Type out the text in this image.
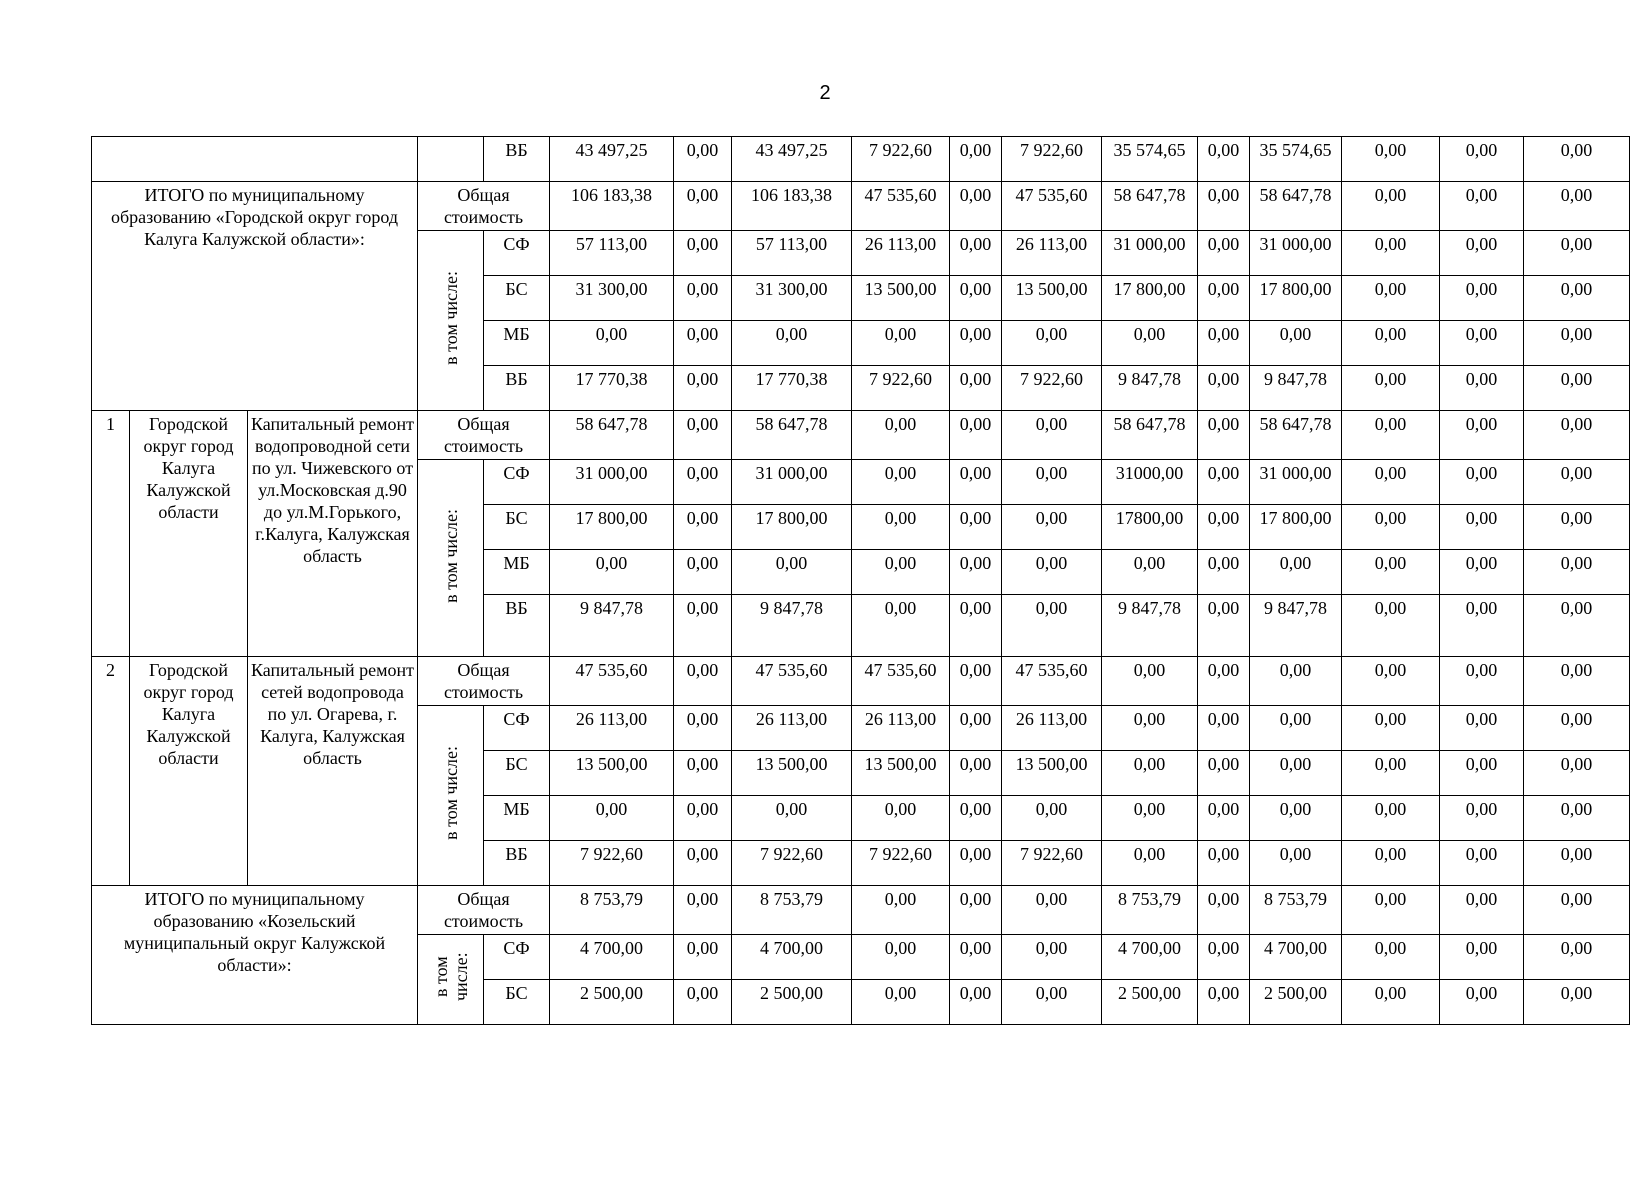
2
				ВБ	43 497,25	0,00	43 497,25	7 922,60	0,00	7 922,60	35 574,65	0,00	35 574,65	0,00	0,00	0,00
ИТОГО по муниципальному образованию «Городской округ город Калуга Калужской области»:			Общая стоимость		106 183,38	0,00	106 183,38	47 535,60	0,00	47 535,60	58 647,78	0,00	58 647,78	0,00	0,00	0,00
			в том числе:	СФ	57 113,00	0,00	57 113,00	26 113,00	0,00	26 113,00	31 000,00	0,00	31 000,00	0,00	0,00	0,00
				БС	31 300,00	0,00	31 300,00	13 500,00	0,00	13 500,00	17 800,00	0,00	17 800,00	0,00	0,00	0,00
				МБ	0,00	0,00	0,00	0,00	0,00	0,00	0,00	0,00	0,00	0,00	0,00	0,00
				ВБ	17 770,38	0,00	17 770,38	7 922,60	0,00	7 922,60	9 847,78	0,00	9 847,78	0,00	0,00	0,00
1	Городской округ город Калуга Калужской области	Капитальный ремонт водопроводной сети по ул. Чижевского от ул.Московская д.90 до ул.М.Горького, г.Калуга, Калужская область	Общая стоимость		58 647,78	0,00	58 647,78	0,00	0,00	0,00	58 647,78	0,00	58 647,78	0,00	0,00	0,00
			в том числе:	СФ	31 000,00	0,00	31 000,00	0,00	0,00	0,00	31000,00	0,00	31 000,00	0,00	0,00	0,00
				БС	17 800,00	0,00	17 800,00	0,00	0,00	0,00	17800,00	0,00	17 800,00	0,00	0,00	0,00
				МБ	0,00	0,00	0,00	0,00	0,00	0,00	0,00	0,00	0,00	0,00	0,00	0,00
				ВБ	9 847,78	0,00	9 847,78	0,00	0,00	0,00	9 847,78	0,00	9 847,78	0,00	0,00	0,00
2	Городской округ город Калуга Калужской области	Капитальный ремонт сетей водопровода по ул. Огарева, г. Калуга, Калужская область	Общая стоимость		47 535,60	0,00	47 535,60	47 535,60	0,00	47 535,60	0,00	0,00	0,00	0,00	0,00	0,00
			в том числе:	СФ	26 113,00	0,00	26 113,00	26 113,00	0,00	26 113,00	0,00	0,00	0,00	0,00	0,00	0,00
				БС	13 500,00	0,00	13 500,00	13 500,00	0,00	13 500,00	0,00	0,00	0,00	0,00	0,00	0,00
				МБ	0,00	0,00	0,00	0,00	0,00	0,00	0,00	0,00	0,00	0,00	0,00	0,00
				ВБ	7 922,60	0,00	7 922,60	7 922,60	0,00	7 922,60	0,00	0,00	0,00	0,00	0,00	0,00
ИТОГО по муниципальному образованию «Козельский муниципальный округ Калужской области»:			Общая стоимость		8 753,79	0,00	8 753,79	0,00	0,00	0,00	8 753,79	0,00	8 753,79	0,00	0,00	0,00
			в том числе:	СФ	4 700,00	0,00	4 700,00	0,00	0,00	0,00	4 700,00	0,00	4 700,00	0,00	0,00	0,00
				БС	2 500,00	0,00	2 500,00	0,00	0,00	0,00	2 500,00	0,00	2 500,00	0,00	0,00	0,00
